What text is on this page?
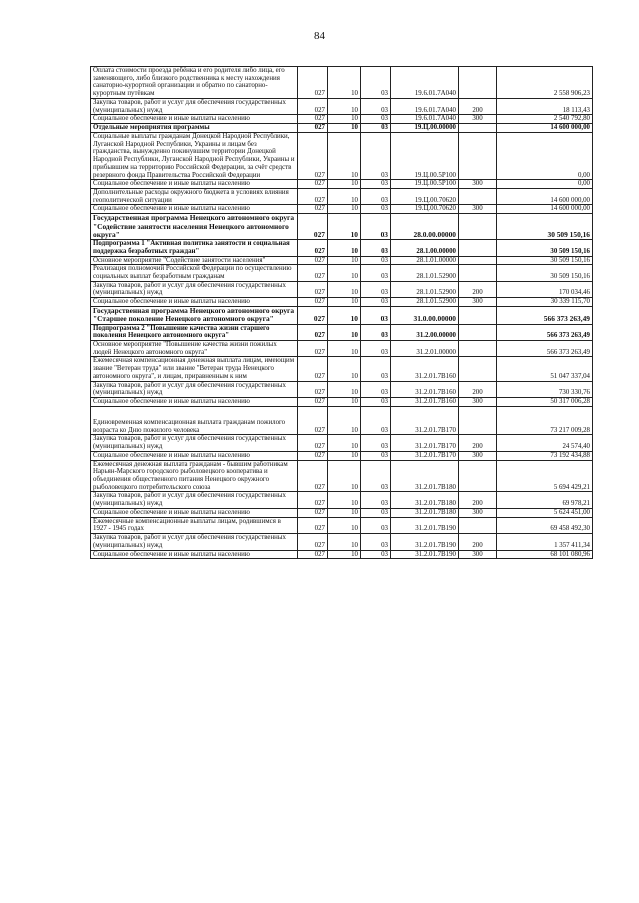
84
Оплата стоимости проезда ребёнка и его родителя либо лица, его заменяющего, либо близкого родственника к месту нахождения санаторно-курортной организации и обратно по санаторно-курортным путёвкам	027	10	03	19.6.01.7А040		2 558 906,23
Закупка товаров, работ и услуг для обеспечения государственных (муниципальных) нужд	027	10	03	19.6.01.7А040	200	18 113,43
Социальное обеспечение и иные выплаты населению	027	10	03	19.6.01.7А040	300	2 540 792,80
Отдельные мероприятия программы	027	10	03	19.Ц.00.00000		14 600 000,00
Социальные выплаты гражданам Донецкой Народной Республики, Луганской Народной Республики, Украины и лицам без гражданства, вынужденно покинувшим территории Донецкой Народной Республики, Луганской Народной Республики, Украины и прибывшим на территорию Российской Федерации, за счёт средств резервного фонда Правительства Российской Федерации	027	10	03	19.Ц.00.5Р100		0,00
Социальное обеспечение и иные выплаты населению	027	10	03	19.Ц.00.5Р100	300	0,00
Дополнительные расходы окружного бюджета в условиях влияния геополитической ситуации	027	10	03	19.Ц.00.70620		14 600 000,00
Социальное обеспечение и иные выплаты населению	027	10	03	19.Ц.00.70620	300	14 600 000,00
Государственная программа Ненецкого автономного округа "Содействие занятости населения Ненецкого автономного округа"	027	10	03	28.0.00.00000		30 509 150,16
Подпрограмма 1 "Активная политика занятости и социальная поддержка безработных граждан"	027	10	03	28.1.00.00000		30 509 150,16
Основное мероприятие "Содействие занятости населения"	027	10	03	28.1.01.00000		30 509 150,16
Реализация полномочий Российской Федерации по осуществлению социальных выплат безработным гражданам	027	10	03	28.1.01.52900		30 509 150,16
Закупка товаров, работ и услуг для обеспечения государственных (муниципальных) нужд	027	10	03	28.1.01.52900	200	170 034,46
Социальное обеспечение и иные выплаты населению	027	10	03	28.1.01.52900	300	30 339 115,70
Государственная программа Ненецкого автономного округа "Старшее поколение Ненецкого автономного округа"	027	10	03	31.0.00.00000		566 373 263,49
Подпрограмма 2 "Повышение качества жизни старшего поколения Ненецкого автономного округа"	027	10	03	31.2.00.00000		566 373 263,49
Основное мероприятие "Повышение качества жизни пожилых людей Ненецкого автономного округа"	027	10	03	31.2.01.00000		566 373 263,49
Ежемесячная компенсационная денежная выплата лицам, имеющим звание "Ветеран труда" или звание "Ветеран труда Ненецкого автономного округа", и лицам, приравненным к ним	027	10	03	31.2.01.7В160		51 047 337,04
Закупка товаров, работ и услуг для обеспечения государственных (муниципальных) нужд	027	10	03	31.2.01.7В160	200	730 330,76
Социальное обеспечение и иные выплаты населению	027	10	03	31.2.01.7В160	300	50 317 006,28
Единовременная компенсационная выплата гражданам пожилого возраста ко Дню пожилого человека	027	10	03	31.2.01.7В170		73 217 009,28
Закупка товаров, работ и услуг для обеспечения государственных (муниципальных) нужд	027	10	03	31.2.01.7В170	200	24 574,40
Социальное обеспечение и иные выплаты населению	027	10	03	31.2.01.7В170	300	73 192 434,88
Ежемесячная денежная выплата гражданам - бывшим работникам Нарьян-Марского городского рыболовецкого кооператива и объединения общественного питания Ненецкого окружного рыболовецкого потребительского союза	027	10	03	31.2.01.7В180		5 694 429,21
Закупка товаров, работ и услуг для обеспечения государственных (муниципальных) нужд	027	10	03	31.2.01.7В180	200	69 978,21
Социальное обеспечение и иные выплаты населению	027	10	03	31.2.01.7В180	300	5 624 451,00
Ежемесячные компенсационные выплаты лицам, родившимся в 1927 - 1945 годах	027	10	03	31.2.01.7В190		69 458 492,30
Закупка товаров, работ и услуг для обеспечения государственных (муниципальных) нужд	027	10	03	31.2.01.7В190	200	1 357 411,34
Социальное обеспечение и иные выплаты населению	027	10	03	31.2.01.7В190	300	68 101 080,96
